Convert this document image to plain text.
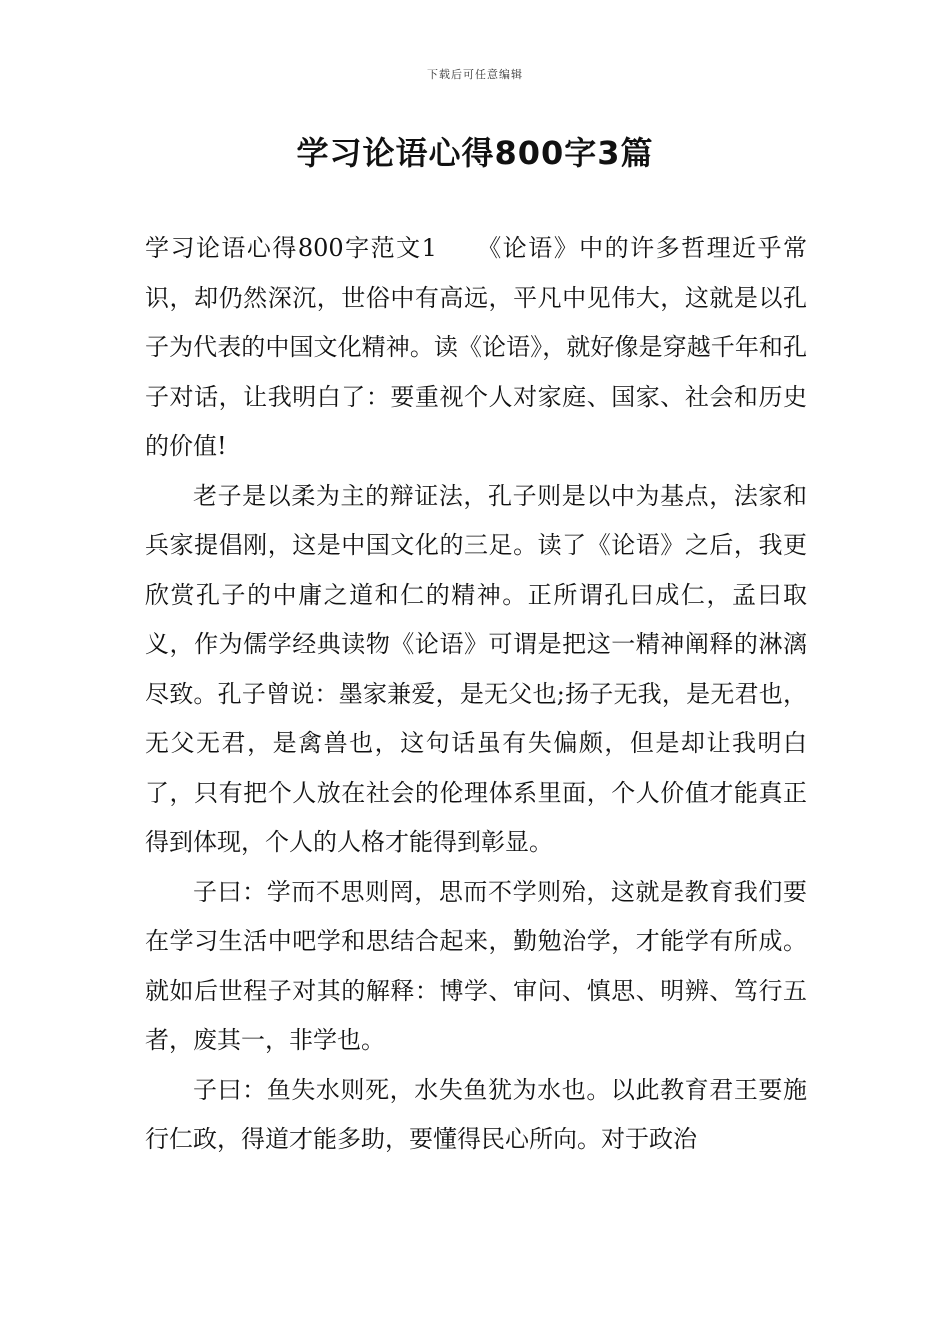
下载后可任意编辑
学习论语心得800字3篇

学习论语心得800字范文1　　《论语》中的许多哲理近乎常识，却仍然深沉，世俗中有高远，平凡中见伟大，这就是以孔子为代表的中国文化精神。读《论语》，就好像是穿越千年和孔子对话，让我明白了：要重视个人对家庭、国家、社会和历史的价值!

老子是以柔为主的辩证法，孔子则是以中为基点，法家和兵家提倡刚，这是中国文化的三足。读了《论语》之后，我更欣赏孔子的中庸之道和仁的精神。正所谓孔曰成仁，孟曰取义，作为儒学经典读物《论语》可谓是把这一精神阐释的淋漓尽致。孔子曾说：墨家兼爱，是无父也;扬子无我，是无君也，无父无君，是禽兽也，这句话虽有失偏颇，但是却让我明白了，只有把个人放在社会的伦理体系里面，个人价值才能真正得到体现，个人的人格才能得到彰显。

子曰：学而不思则罔，思而不学则殆，这就是教育我们要在学习生活中吧学和思结合起来，勤勉治学，才能学有所成。就如后世程子对其的解释：博学、审问、慎思、明辨、笃行五者，废其一，非学也。

子曰：鱼失水则死，水失鱼犹为水也。以此教育君王要施行仁政，得道才能多助，要懂得民心所向。对于政治
